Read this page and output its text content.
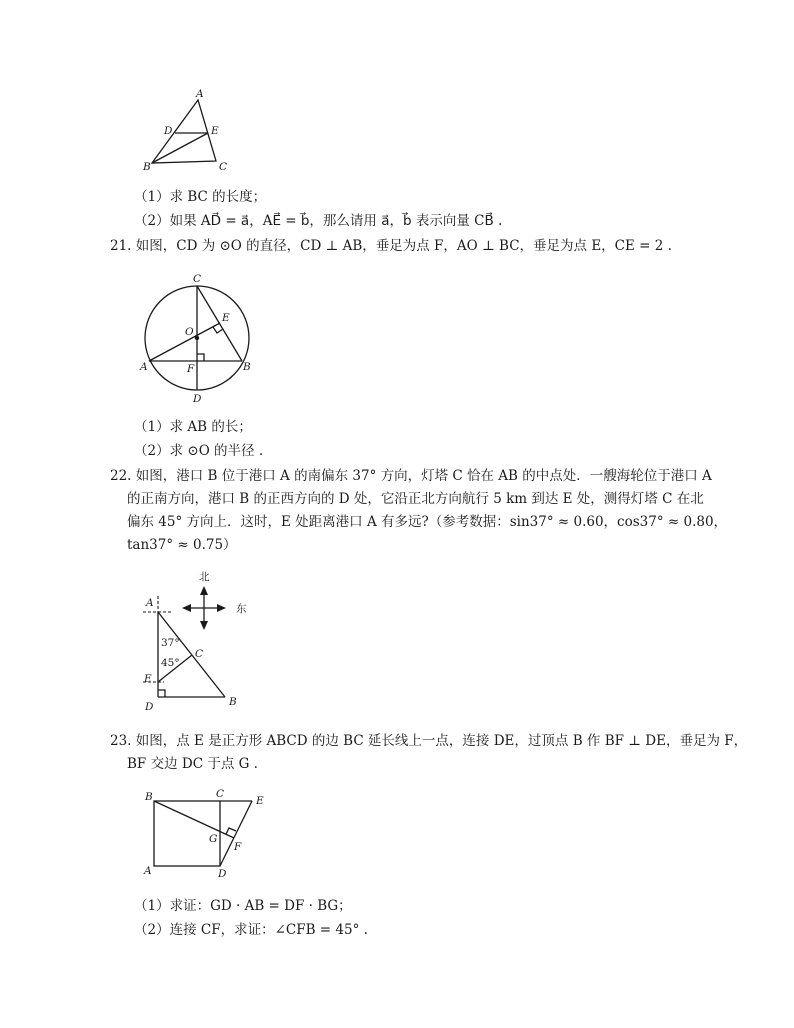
A
D	E
B	C
（1）求 BC 的长度；
（2）如果 AD⃗ = a⃗，AE⃗ = b⃗，那么请用 a⃗，b⃗ 表示向量 CB⃗ .
21. 如图，CD 为 ⊙O 的直径，CD ⊥ AB，垂足为点 F，AO ⊥ BC，垂足为点 E，CE = 2 .
C
O
E
A	F	B
D
（1）求 AB 的长；
（2）求 ⊙O 的半径 .
22. 如图，港口 B 位于港口 A 的南偏东 37° 方向，灯塔 C 恰在 AB 的中点处．一艘海轮位于港口 A
的正南方向，港口 B 的正西方向的 D 处，它沿正北方向航行 5 km 到达 E 处，测得灯塔 C 在北
偏东 45° 方向上．这时，E 处距离港口 A 有多远?（参考数据：sin37° ≈ 0.60，cos37° ≈ 0.80，
tan37° ≈ 0.75）
北
东
A
37°
45°
C
E
D	B
23. 如图，点 E 是正方形 ABCD 的边 BC 延长线上一点，连接 DE，过顶点 B 作 BF ⊥ DE，垂足为 F，
BF 交边 DC 于点 G .
B	C
E
G
F
A	D
（1）求证：GD · AB = DF · BG；
（2）连接 CF，求证：∠CFB = 45° .
